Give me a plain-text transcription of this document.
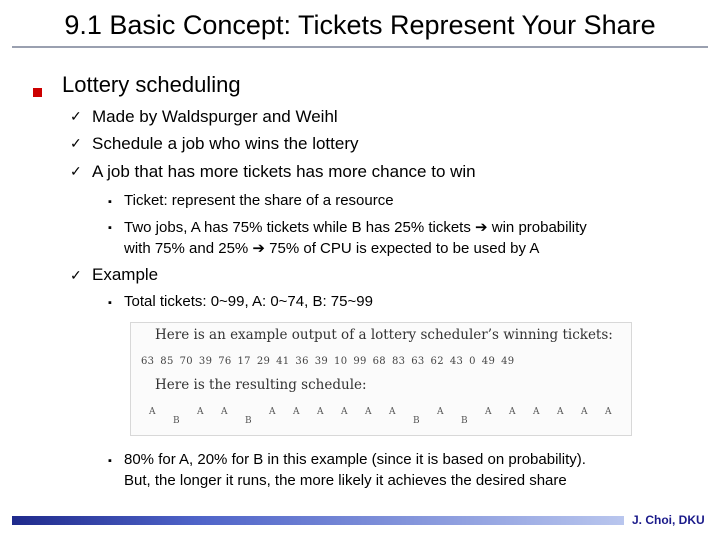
9.1 Basic Concept: Tickets Represent Your Share
Lottery scheduling
✓ Made by Waldspurger and Weihl
✓ Schedule a job who wins the lottery
✓ A job that has more tickets has more chance to win
▪ Ticket: represent the share of a resource
▪ Two jobs, A has 75% tickets while B has 25% tickets ➔ win probability
with 75% and 25% ➔ 75% of CPU is expected to be used by A
✓ Example
▪ Total tickets: 0~99, A: 0~74, B: 75~99
Here is an example output of a lottery scheduler’s winning tickets:
63 85 70 39 76 17 29 41 36 39 10 99 68 83 63 62 43 0 49 49
Here is the resulting schedule:
A
B
A A
B
A A A A A A
B
A
B
A A A A A A
▪ 80% for A, 20% for B in this example (since it is based on probability).
But, the longer it runs, the more likely it achieves the desired share
J. Choi, DKU
